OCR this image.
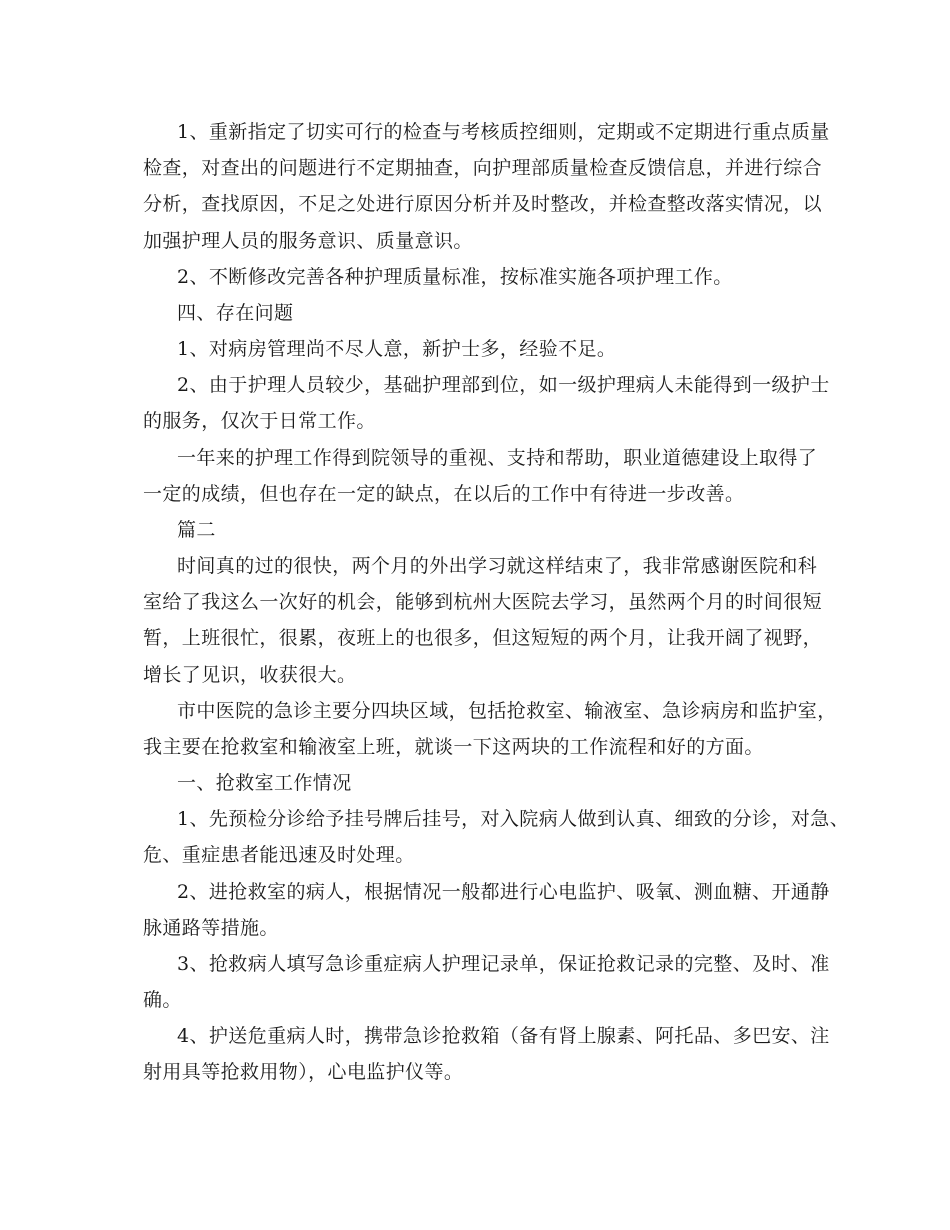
1、重新指定了切实可行的检查与考核质控细则，定期或不定期进行重点质量
检查，对查出的问题进行不定期抽查，向护理部质量检查反馈信息，并进行综合
分析，查找原因，不足之处进行原因分析并及时整改，并检查整改落实情况，以
加强护理人员的服务意识、质量意识。
2、不断修改完善各种护理质量标准，按标准实施各项护理工作。
四、存在问题
1、对病房管理尚不尽人意，新护士多，经验不足。
2、由于护理人员较少，基础护理部到位，如一级护理病人未能得到一级护士
的服务，仅次于日常工作。
一年来的护理工作得到院领导的重视、支持和帮助，职业道德建设上取得了
一定的成绩，但也存在一定的缺点，在以后的工作中有待进一步改善。
篇二
时间真的过的很快，两个月的外出学习就这样结束了，我非常感谢医院和科
室给了我这么一次好的机会，能够到杭州大医院去学习，虽然两个月的时间很短
暂，上班很忙，很累，夜班上的也很多，但这短短的两个月，让我开阔了视野，
增长了见识，收获很大。
市中医院的急诊主要分四块区域，包括抢救室、输液室、急诊病房和监护室，
我主要在抢救室和输液室上班，就谈一下这两块的工作流程和好的方面。
一、抢救室工作情况
1、先预检分诊给予挂号牌后挂号，对入院病人做到认真、细致的分诊，对急、
危、重症患者能迅速及时处理。
2、进抢救室的病人，根据情况一般都进行心电监护、吸氧、测血糖、开通静
脉通路等措施。
3、抢救病人填写急诊重症病人护理记录单，保证抢救记录的完整、及时、准
确。
4、护送危重病人时，携带急诊抢救箱（备有肾上腺素、阿托品、多巴安、注
射用具等抢救用物），心电监护仪等。
